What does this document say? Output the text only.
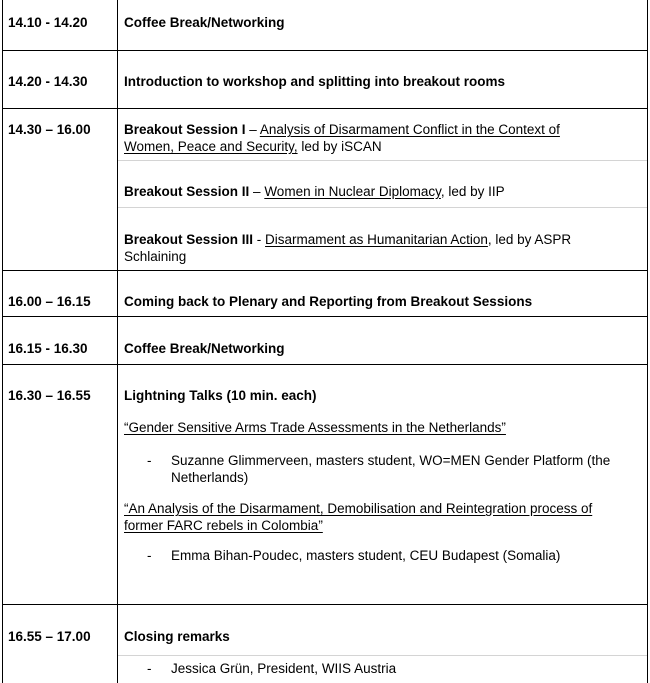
14.10 - 14.20	Coffee Break/Networking
14.20 - 14.30	Introduction to workshop and splitting into breakout rooms
14.30 – 16.00 Breakout Session I – Analysis of Disarmament Conflict in the Context of
Women, Peace and Security, led by iSCAN
Breakout Session II – Women in Nuclear Diplomacy, led by IIP
Breakout Session III - Disarmament as Humanitarian Action, led by ASPR
Schlaining
16.00 – 16.15 Coming back to Plenary and Reporting from Breakout Sessions
16.15 - 16.30	Coffee Break/Networking
16.30 – 16.55 Lightning Talks (10 min. each)
“Gender Sensitive Arms Trade Assessments in the Netherlands”
- Suzanne Glimmerveen, masters student, WO=MEN Gender Platform (the
Netherlands)
“An Analysis of the Disarmament, Demobilisation and Reintegration process of
former FARC rebels in Colombia”
- Emma Bihan-Poudec, masters student, CEU Budapest (Somalia)
16.55 – 17.00 Closing remarks
- Jessica Grün, President, WIIS Austria
